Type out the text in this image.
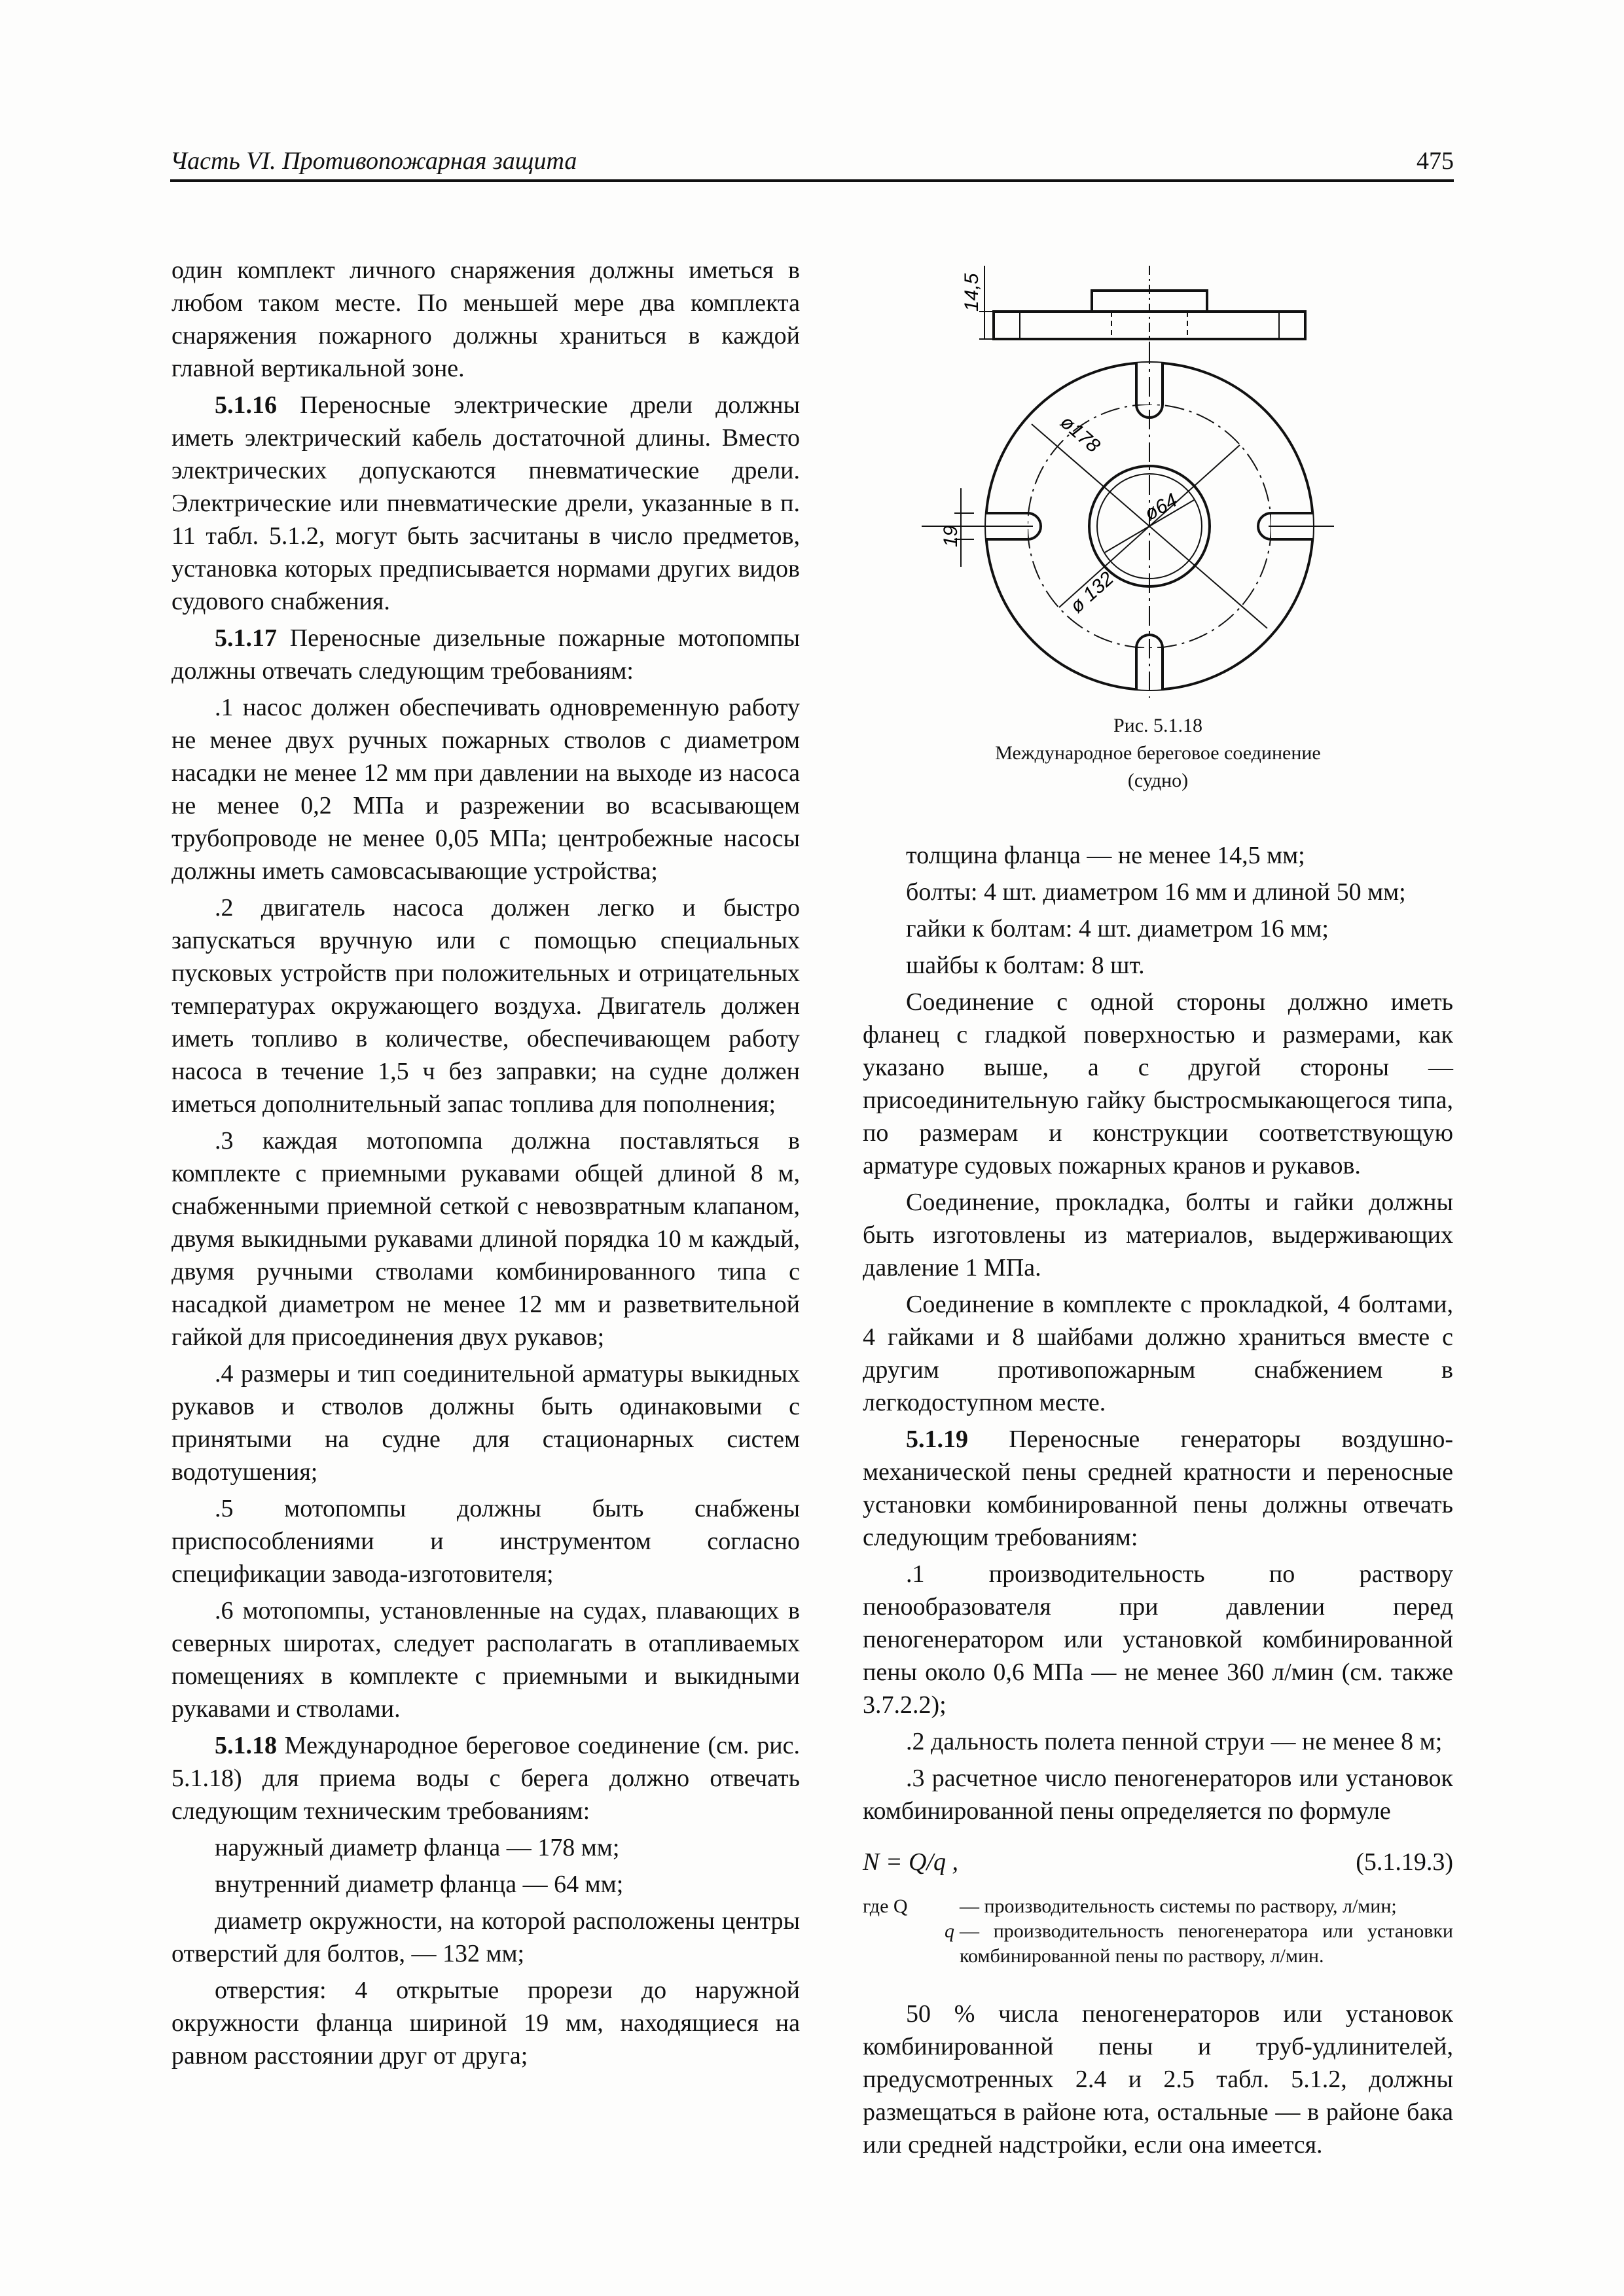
Часть VI. Противопожарная защита	475

один комплект личного снаряжения должны иметься в любом таком месте. По меньшей мере два комплекта снаряжения пожарного должны храниться в каждой главной вертикальной зоне.

5.1.16 Переносные электрические дрели должны иметь электрический кабель достаточной длины. Вместо электрических допускаются пневматические дрели. Электрические или пневматические дрели, указанные в п. 11 табл. 5.1.2, могут быть засчитаны в число предметов, установка которых предписывается нормами других видов судового снабжения.

5.1.17 Переносные дизельные пожарные мотопомпы должны отвечать следующим требованиям:

.1 насос должен обеспечивать одновременную работу не менее двух ручных пожарных стволов с диаметром насадки не менее 12 мм при давлении на выходе из насоса не менее 0,2 МПа и разрежении во всасывающем трубопроводе не менее 0,05 МПа; центробежные насосы должны иметь самовсасывающие устройства;

.2 двигатель насоса должен легко и быстро запускаться вручную или с помощью специальных пусковых устройств при положительных и отрицательных температурах окружающего воздуха. Двигатель должен иметь топливо в количестве, обеспечивающем работу насоса в течение 1,5 ч без заправки; на судне должен иметься дополнительный запас топлива для пополнения;

.3 каждая мотопомпа должна поставляться в комплекте с приемными рукавами общей длиной 8 м, снабженными приемной сеткой с невозвратным клапаном, двумя выкидными рукавами длиной порядка 10 м каждый, двумя ручными стволами комбинированного типа с насадкой диаметром не менее 12 мм и разветвительной гайкой для присоединения двух рукавов;

.4 размеры и тип соединительной арматуры выкидных рукавов и стволов должны быть одинаковыми с принятыми на судне для стационарных систем водотушения;

.5 мотопомпы должны быть снабжены приспособлениями и инструментом согласно спецификации завода-изготовителя;

.6 мотопомпы, установленные на судах, плавающих в северных широтах, следует располагать в отапливаемых помещениях в комплекте с приемными и выкидными рукавами и стволами.

5.1.18 Международное береговое соединение (см. рис. 5.1.18) для приема воды с берега должно отвечать следующим техническим требованиям:

наружный диаметр фланца — 178 мм;

внутренний диаметр фланца — 64 мм;

диаметр окружности, на которой расположены центры отверстий для болтов, — 132 мм;

отверстия: 4 открытые прорези до наружной окружности фланца шириной 19 мм, находящиеся на равном расстоянии друг от друга;

14,5
19
ø178
ø64
ø 132
Рис. 5.1.18
Международное береговое соединение
(судно)

толщина фланца — не менее 14,5 мм;

болты: 4 шт. диаметром 16 мм и длиной 50 мм;

гайки к болтам: 4 шт. диаметром 16 мм;

шайбы к болтам: 8 шт.

Соединение с одной стороны должно иметь фланец с гладкой поверхностью и размерами, как указано выше, а с другой стороны — присоединительную гайку быстросмыкающегося типа, по размерам и конструкции соответствующую арматуре судовых пожарных кранов и рукавов.

Соединение, прокладка, болты и гайки должны быть изготовлены из материалов, выдерживающих давление 1 МПа.

Соединение в комплекте с прокладкой, 4 болтами, 4 гайками и 8 шайбами должно храниться вместе с другим противопожарным снабжением в легкодоступном месте.

5.1.19 Переносные генераторы воздушно-механической пены средней кратности и переносные установки комбинированной пены должны отвечать следующим требованиям:

.1 производительность по раствору пенообразователя при давлении перед пеногенератором или установкой комбинированной пены около 0,6 МПа — не менее 360 л/мин (см. также 3.7.2.2);

.2 дальность полета пенной струи — не менее 8 м;

.3 расчетное число пеногенераторов или установок комбинированной пены определяется по формуле

N = Q/q ,	(5.1.19.3)
где Q	— производительность системы по раствору, л/мин;
q — производительность пеногенератора или установки комбинированной пены по раствору, л/мин.

50 % числа пеногенераторов или установок комбинированной пены и труб-удлинителей, предусмотренных 2.4 и 2.5 табл. 5.1.2, должны размещаться в районе юта, остальные — в районе бака или средней надстройки, если она имеется.
